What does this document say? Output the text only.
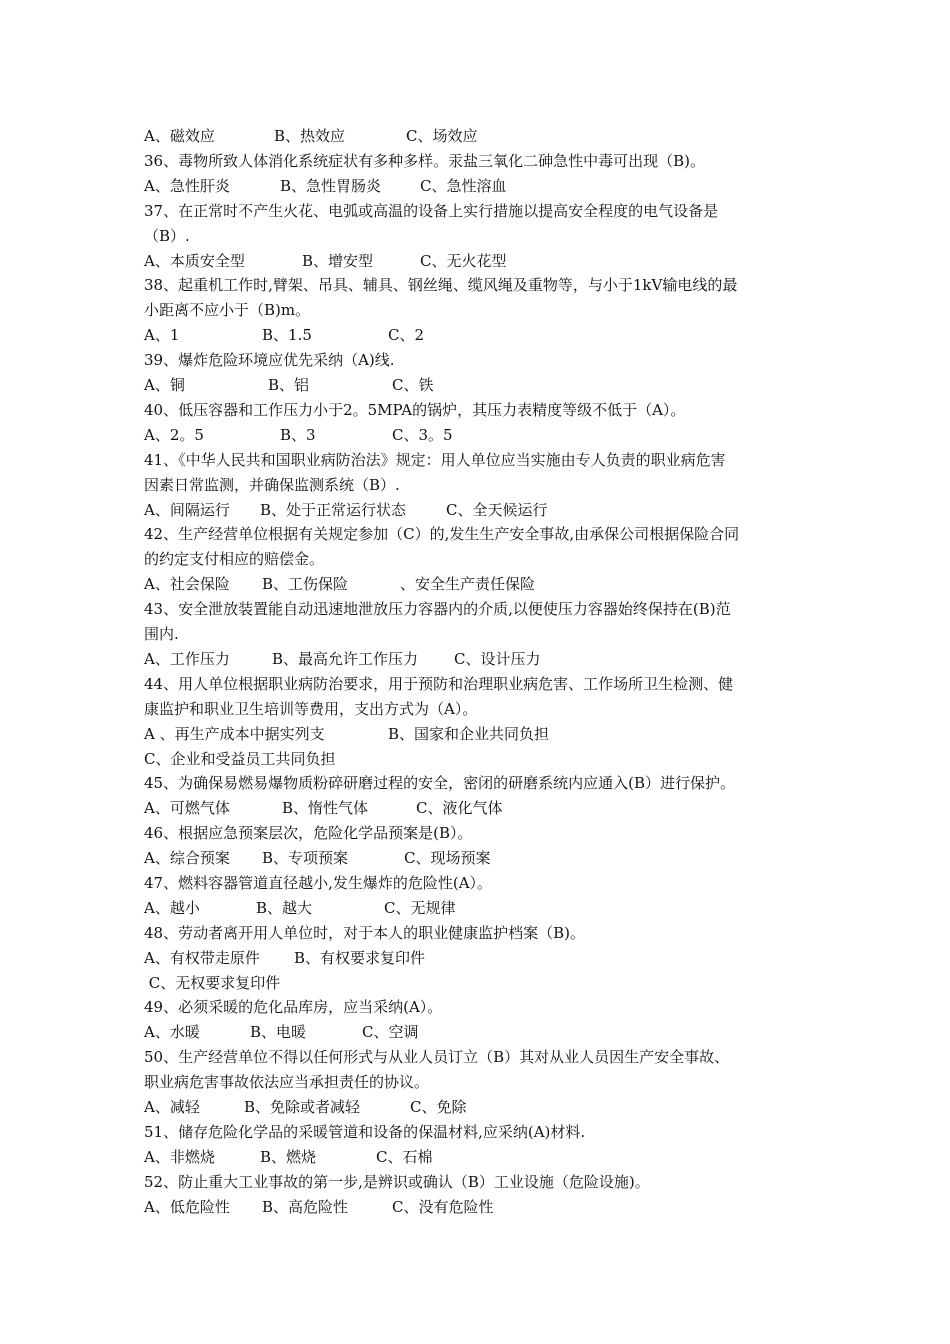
A、磁效应	B、热效应	C、场效应
36、毒物所致人体消化系统症状有多种多样。汞盐三氧化二砷急性中毒可出现（B)。
A、急性肝炎	B、急性胃肠炎	C、急性溶血
37、在正常时不产生火花、电弧或高温的设备上实行措施以提高安全程度的电气设备是
（B）.
A、本质安全型	B、增安型	C、无火花型
38、起重机工作时,臂架、吊具、辅具、钢丝绳、缆风绳及重物等，与小于1kV输电线的最
小距离不应小于（B)m。
A、1	B、1.5	C、2
39、爆炸危险环境应优先采纳（A)线.
A、铜	B、铝	C、铁
40、低压容器和工作压力小于2。5MPA的锅炉，其压力表精度等级不低于（A）。
A、2。5	B、3	C、3。5
41、《中华人民共和国职业病防治法》规定：用人单位应当实施由专人负责的职业病危害
因素日常监测，并确保监测系统（B）.
A、间隔运行 B、处于正常运行状态	C、全天候运行
42、生产经营单位根据有关规定参加（C）的,发生生产安全事故,由承保公司根据保险合同
的约定支付相应的赔偿金。
A、社会保险 B、工伤保险	、安全生产责任保险
43、安全泄放装置能自动迅速地泄放压力容器内的介质,以便使压力容器始终保持在(B)范
围内.
A、工作压力	B、最高允许工作压力 C、设计压力
44、用人单位根据职业病防治要求，用于预防和治理职业病危害、工作场所卫生检测、健
康监护和职业卫生培训等费用，支出方式为（A）。
A 、再生产成本中据实列支	B、国家和企业共同负担
C、企业和受益员工共同负担
45、为确保易燃易爆物质粉碎研磨过程的安全，密闭的研磨系统内应通入(B）进行保护。
A、可燃气体	B、惰性气体	C、液化气体
46、根据应急预案层次，危险化学品预案是(B）。
A、综合预案 B、专项预案	C、现场预案
47、燃料容器管道直径越小,发生爆炸的危险性(A）。
A、越小	B、越大	C、无规律
48、劳动者离开用人单位时，对于本人的职业健康监护档案（B)。
A、有权带走原件 B、有权要求复印件
C、无权要求复印件
49、必须采暖的危化品库房，应当采纳(A）。
A、水暖	B、电暖	C、空调
50、生产经营单位不得以任何形式与从业人员订立（B）其对从业人员因生产安全事故、
职业病危害事故依法应当承担责任的协议。
A、减轻	B、免除或者减轻	C、免除
51、储存危险化学品的采暖管道和设备的保温材料,应采纳(A)材料.
A、非燃烧	B、燃烧	C、石棉
52、防止重大工业事故的第一步,是辨识或确认（B）工业设施（危险设施)。
A、低危险性 B、高危险性	C、没有危险性
